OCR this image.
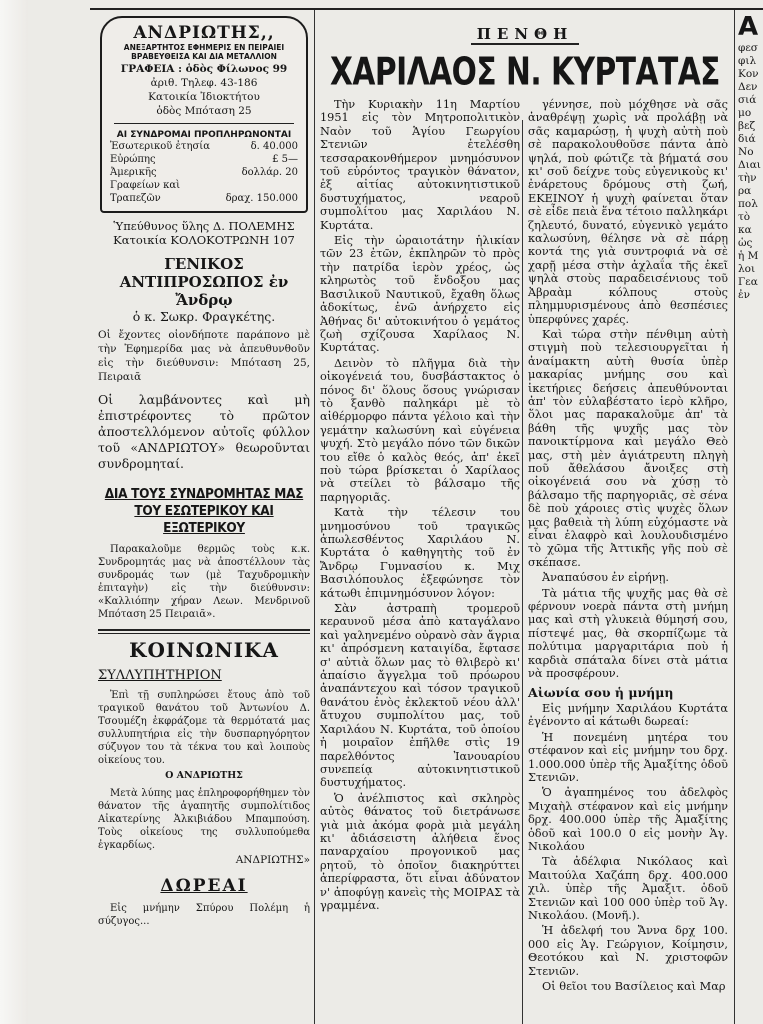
ΑΝΔΡΙΩΤΗΣ,,
ΑΝΕΞΑΡΤΗΤΟΣ ΕΦΗΜΕΡΙΣ ΕΝ ΠΕΙΡΑΙΕΙ
ΒΡΑΒΕΥΘΕΙΣΑ ΚΑΙ ΔΙΑ ΜΕΤΑΛΛΙΟΝ
ΓΡΑΦΕΙΑ : ὁδὸς Φίλωνος 99
ἀριθ. Τηλεφ. 43-186
Κατοικία Ἰδιοκτήτου
ὁδὸς Μπόταση 25
ΑΙ ΣΥΝΔΡΟΜΑΙ ΠΡΟΠΛΗΡΩΝΟΝΤΑΙ
Ἐσωτερικοῦ ἐτησία	δ. 40.000
Εὐρώπης	£ 5—
Ἀμερικῆς	δολλάρ. 20
Γραφείων καὶ
Τραπεζῶν	δραχ. 150.000
Ὑπεύθυνος ὕλης Δ. ΠΟΛΕΜΗΣ
Κατοικία ΚΟΛΟΚΟΤΡΩΝΗ 107
ΓΕΝΙΚΟΣ
ΑΝΤΙΠΡΟΣΩΠΟΣ ἐν Ἄνδρῳ
ὁ κ. Σωκρ. Φραγκέτης.
Οἱ ἔχοντες οἱονδήποτε παράπονο μὲ τὴν Ἐφημερίδα μας νὰ ἀπευθυνθοῦν εἰς τὴν διεύθυνσιν: Μπόταση 25, Πειραιᾶ
Οἱ λαμβάνοντες καὶ μὴ ἐπιστρέφοντες τὸ πρῶτον ἀποστελλόμενον αὐτοῖς φύλλον τοῦ «ΑΝΔΡΙΩΤΟΥ» θεωροῦνται συνδρομηταί.
ΔΙΑ ΤΟΥΣ ΣΥΝΔΡΟΜΗΤΑΣ ΜΑΣ
ΤΟΥ ΕΣΩΤΕΡΙΚΟΥ ΚΑΙ ΕΞΩΤΕΡΙΚΟΥ
Παρακαλοῦμε θερμῶς τοὺς κ.κ. Συνδρομητάς μας νὰ ἀποστέλλουν τὰς συνδρομάς των (μὲ Ταχυδρομικὴν ἐπιταγὴν) εἰς τὴν διεύθυνσιν: «Καλλιόπην χήραν Λεων. Μενδρινοῦ Μπόταση 25 Πειραιᾶ».
ΚΟΙΝΩΝΙΚΑ
ΣΥΛΛΥΠΗΤΗΡΙΟΝ
Ἐπὶ τῇ συπληρώσει ἔτους ἀπὸ τοῦ τραγικοῦ θανάτου τοῦ Ἀντωνίου Δ. Τσουμέζη ἐκφράζομε τὰ θερμότατά μας συλλυπητήρια εἰς τὴν δυσπαρηγόρητον σύζυγον του τὰ τέκνα του καὶ λοιποὺς οἰκείους του.
Ο ΑΝΔΡΙΩΤΗΣ
Μετὰ λύπης μας ἐπληροφορήθημεν τὸν θάνατον τῆς ἀγαπητῆς συμπολίτιδος Αἰκατερίνης Ἀλκιβιάδου Μπαμπούση. Τοὺς οἰκείους της συλλυπούμεθα ἐγκαρδίως.
ΑΝΔΡΙΩΤΗΣ»
ΔΩΡΕΑΙ
Εἰς μνήμην Σπύρου Πολέμη ἡ σύζυγος...
ΠΕΝΘΗ
ΧΑΡΙΛΑΟΣ Ν. ΚΥΡΤΑΤΑΣ

Τὴν Κυριακὴν 11η Μαρτίου 1951 εἰς τὸν Μητροπολιτικὸν Ναὸν τοῦ Ἁγίου Γεωργίου Στενιῶν ἐτελέσθη τεσσαρακονθήμερον μνημόσυνον τοῦ εὐρόντος τραγικὸν θάνατον, ἐξ αἰτίας αὐτοκινητιστικοῦ δυστυχήματος, νεαροῦ συμπολίτου μας Χαριλάου Ν. Κυρτάτα.

Εἰς τὴν ὡραιοτάτην ἡλικίαν τῶν 23 ἐτῶν, ἐκπληρῶν τὸ πρὸς τὴν πατρίδα ἱερὸν χρέος, ὡς κληρωτὸς τοῦ ἔνδοξου μας Βασιλικοῦ Ναυτικοῦ, ἔχαθη ὅλως ἀδοκίτως, ἐνῶ ἀνήρχετο εἰς Ἀθήνας δι' αὐτοκινήτου ὁ γεμάτος ζωὴ σχίζουσα Χαρίλαος Ν. Κυρτάτας.

Δεινὸν τὸ πλῆγμα διὰ τὴν οἰκογένειά του, δυσβάστακτος ὁ πόνος δι' ὅλους ὅσους γνώρισαν τὸ ξανθὸ παληκάρι μὲ τὸ αἰθέρμορφο πάντα γέλοιο καὶ τὴν γεμάτην καλωσύνη καὶ εὐγένεια ψυχή. Στὸ μεγάλο πόνο τῶν δικῶν του εἴθε ὁ καλὸς θεός, ἀπ' ἐκεῖ ποὺ τώρα βρίσκεται ὁ Χαρίλαος νὰ στείλει τὸ βάλσαμο τῆς παρηγοριᾶς.

Κατὰ τὴν τέλεσιν του μνημοσύνου τοῦ τραγικῶς ἀπωλεσθέντος Χαριλάου Ν. Κυρτάτα ὁ καθηγητὴς τοῦ ἐν Ἄνδρῳ Γυμνασίου κ. Μιχ Βασιλόπουλος ἐξεφώνησε τὸν κάτωθι ἐπιμνημόσυνον λόγον:

Σὰν ἀστραπὴ τρομεροῦ κεραυνοῦ μέσα ἀπὸ καταγάλανο καὶ γαληνεμένο οὐρανὸ σὰν ἄγρια κι' ἀπρόσμενη καταιγίδα, ἔφτασε σ' αὐτιὰ ὅλων μας τὸ θλιβερὸ κι' ἀπαίσιο ἄγγελμα τοῦ πρόωρου ἀναπάντεχου καὶ τόσον τραγικοῦ θανάτου ἑνὸς ἐκλεκτοῦ νέου ἀλλ' ἄτυχου συμπολίτου μας, τοῦ Χαριλάου Ν. Κυρτάτα, τοῦ ὁποίου ἡ μοιραῖον ἐπῆλθε στὶς 19 παρελθόντος Ἰανουαρίου συνεπείᾳ αὐτοκινητιστικοῦ δυστυχήματος.

Ὁ ἀνέλπιστος καὶ σκληρὸς αὐτὸς θάνατος τοῦ διετράνωσε γιὰ μιὰ ἀκόμα φορὰ μιὰ μεγάλη κι' ἀδιάσειστη ἀλήθεια ἕνος παναρχαίου προγονικοῦ μας ρητοῦ, τὸ ὁποῖον διακηρύττει ἀπερίφραστα, ὅτι εἶναι ἀδύνατον ν' ἀποφύγῃ κανεὶς τὴς ΜΟΙΡΑΣ τὰ γραμμένα.

γέννησε, ποὺ μόχθησε νὰ σᾶς ἀναθρέψῃ χωρὶς νὰ προλάβῃ νὰ σᾶς καμαρώσῃ, ἡ ψυχὴ αὐτὴ ποὺ σὲ παρακολουθοῦσε πάντα ἀπὸ ψηλά, ποὺ φώτιζε τὰ βήματά σου κι' σοῦ δείχνε τοὺς εὐγενικοὺς κι' ἐνάρετους δρόμους στὴ ζωή, ΕΚΕΙΝΟΥ ἡ ψυχὴ φαίνεται ὅταν σὲ εἶδε πειὰ ἕνα τέτοιο παλληκάρι ζηλευτό, δυνατό, εὐγενικὸ γεμάτο καλωσύνη, θέλησε νὰ σὲ πάρῃ κοντά της γιὰ συντροφιά νὰ σὲ χαρῇ μέσα στὴν ἀχλαΐα τῆς ἐκεῖ ψηλὰ στοὺς παραδεισένιους τοῦ Ἀβραὰμ κόλπους στοὺς πλημμυρισμένους ἀπὸ θεσπέσιες ὑπερφύνες χαρές.

Καὶ τώρα στὴν πένθιμη αὐτὴ στιγμὴ ποὺ τελεσιουργεῖται ἡ ἀναίμακτη αὐτὴ θυσία ὑπὲρ μακαρίας μνήμης σου καὶ ἱκετήριες δεήσεις ἀπευθύνονται ἀπ' τὸν εὐλαβέστατο ἱερὸ κλῆρο, ὅλοι μας παρακαλοῦμε ἀπ' τὰ βάθη τῆς ψυχῆς μας τὸν πανοικτίρμονα καὶ μεγάλο Θεὸ μας, στὴ μὲν ἀγιάτρευτη πληγὴ ποῦ ἄθελάσου ἄνοιξες στὴ οἰκογένειά σου νὰ χύσῃ τὸ βάλσαμο τῆς παρηγοριᾶς, σὲ σένα δὲ ποὺ χάροιες στὶς ψυχὲς ὅλων μας βαθειὰ τὴ λύπη εὐχόμαστε νὰ εἶναι ἐλαφρὸ καὶ λουλουδισμένο τὸ χῶμα τῆς Ἀττικῆς γῆς ποὺ σὲ σκέπασε.

Ἀναπαύσου ἐν εἰρήνῃ.

Τὰ μάτια τῆς ψυχῆς μας θὰ σὲ φέρνουν νοερὰ πάντα στὴ μνήμη μας καὶ στὴ γλυκειὰ θύμησή σου, πίστεψέ μας, θὰ σκορπίζωμε τὰ πολύτιμα μαργαριτάρια ποὺ ἡ καρδιὰ σπάταλα δίνει στὰ μάτια νὰ προσφέρουν.

Αἰωνία σου ἡ μνήμη

Εἰς μνήμην Χαριλάου Κυρτάτα ἐγένοντο αἱ κάτωθι δωρεαί:

Ἡ πονεμένη μητέρα του στέφανον καὶ εἰς μνήμην του δρχ. 1.000.000 ὑπὲρ τῆς Ἀμαξίτης ὁδοῦ Στενιῶν.

Ὁ ἀγαπημένος του ἀδελφὸς Μιχαὴλ στέφανον καὶ εἰς μνήμην δρχ. 400.000 ὑπὲρ τῆς Ἀμαξίτης ὁδοῦ καὶ 100.0 0 εἰς μονὴν Ἁγ. Νικολάου

Τὰ ἀδέλφια Νικόλαος καὶ Μαιτούλα Χαζάπη δρχ. 400.000 χιλ. ὑπὲρ τῆς Ἀμαξιτ. ὁδοῦ Στενιῶν καὶ 100 000 ὑπὲρ τοῦ Ἁγ. Νικολάου. (Μονῆ.).

Ἡ ἀδελφή του Ἄννα δρχ 100. 000 εἰς Ἁγ. Γεώργιον, Κοίμησιν, Θεοτόκου καὶ Ν. χριστοφῶν Στενιῶν.

Οἱ θεῖοι του Βασίλειος καὶ Μαρ

Α
φεσ
φιλ
Κον
Δεν
σιά
μο
βεζ
διά
Νο
Διαι
τὴν
ρα
πολ
τὸ
κα
ὡς
ἡ Μ
λοι
Γεα
ἐν
